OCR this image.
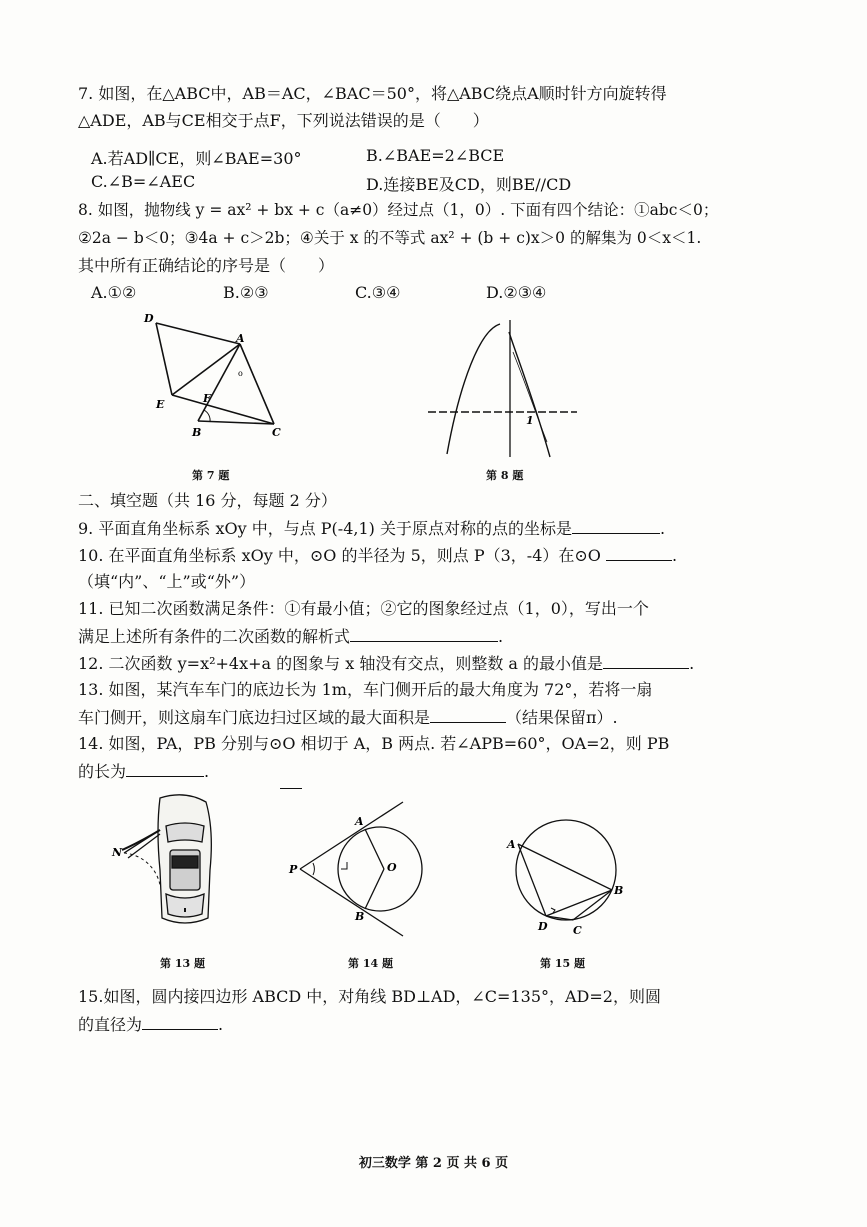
7. 如图，在△ABC中，AB＝AC，∠BAC＝50°，将△ABC绕点A顺时针方向旋转得
△ADE，AB与CE相交于点F，下列说法错误的是（　　）
A.若AD∥CE，则∠BAE=30°	B.∠BAE=2∠BCE
C.∠B=∠AEC	D.连接BE及CD，则BE//CD
8. 如图，抛物线 y = ax² + bx + c（a≠0）经过点（1，0）. 下面有四个结论：①abc＜0；
②2a − b＜0；③4a + c＞2b；④关于 x 的不等式 ax² + (b + c)x＞0 的解集为 0＜x＜1.
其中所有正确结论的序号是（　　）
A.①②	B.②③	C.③④	D.②③④
D
A
E	F
B	C
o
第 7 题
1
第 8 题
二、填空题（共 16 分，每题 2 分）
9. 平面直角坐标系 xOy 中，与点 P(-4,1) 关于原点对称的点的坐标是	.
10. 在平面直角坐标系 xOy 中，⊙O 的半径为 5，则点 P（3，-4）在⊙O	.
（填“内”、“上”或“外”）
11. 已知二次函数满足条件：①有最小值；②它的图象经过点（1，0），写出一个
满足上述所有条件的二次函数的解析式	.
12. 二次函数 y=x²+4x+a 的图象与 x 轴没有交点，则整数 a 的最小值是	.
13. 如图，某汽车车门的底边长为 1m，车门侧开后的最大角度为 72°，若将一扇
车门侧开，则这扇车门底边扫过区域的最大面积是	（结果保留π）.
14. 如图，PA，PB 分别与⊙O 相切于 A，B 两点. 若∠APB=60°，OA=2，则 PB
的长为	.
N
第 13 题
A
P	O
B
第 14 题
A
B
D C
第 15 题
15.如图，圆内接四边形 ABCD 中，对角线 BD⊥AD，∠C=135°，AD=2，则圆
的直径为	.
初三数学 第 2 页 共 6 页
